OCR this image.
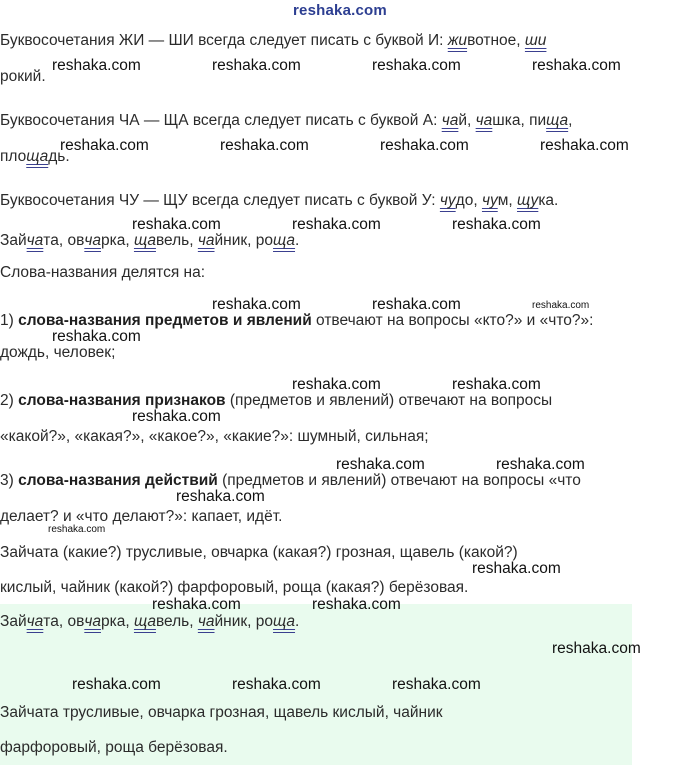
reshaka.com
Буквосочетания ЖИ — ШИ всегда следует писать с буквой И: животное, ши
рокий.
Буквосочетания ЧА — ЩА всегда следует писать с буквой А: чай, чашка, пища,
площадь.
Буквосочетания ЧУ — ЩУ всегда следует писать с буквой У: чудо, чум, щука.
Зайчата, овчарка, щавель, чайник, роща.
Слова-названия делятся на:
1) слова-названия предметов и явлений отвечают на вопросы «кто?» и «что?»:
дождь, человек;
2) слова-названия признаков (предметов и явлений) отвечают на вопросы
«какой?», «какая?», «какое?», «какие?»: шумный, сильная;
3) слова-названия действий (предметов и явлений) отвечают на вопросы «что
делает? и «что делают?»: капает, идёт.
Зайчата (какие?) трусливые, овчарка (какая?) грозная, щавель (какой?)
кислый, чайник (какой?) фарфоровый, роща (какая?) берёзовая.
Зайчата, овчарка, щавель, чайник, роща.
Зайчата трусливые, овчарка грозная, щавель кислый, чайник
фарфоровый, роща берёзовая.
reshaka.com	reshaka.com	reshaka.com	reshaka.com
reshaka.com	reshaka.com	reshaka.com	reshaka.com
reshaka.com	reshaka.com	reshaka.com
reshaka.com	reshaka.com	reshaka.com
reshaka.com
reshaka.com	reshaka.com
reshaka.com
reshaka.com	reshaka.com
reshaka.com
reshaka.com
reshaka.com
reshaka.com	reshaka.com
reshaka.com
reshaka.com	reshaka.com	reshaka.com
